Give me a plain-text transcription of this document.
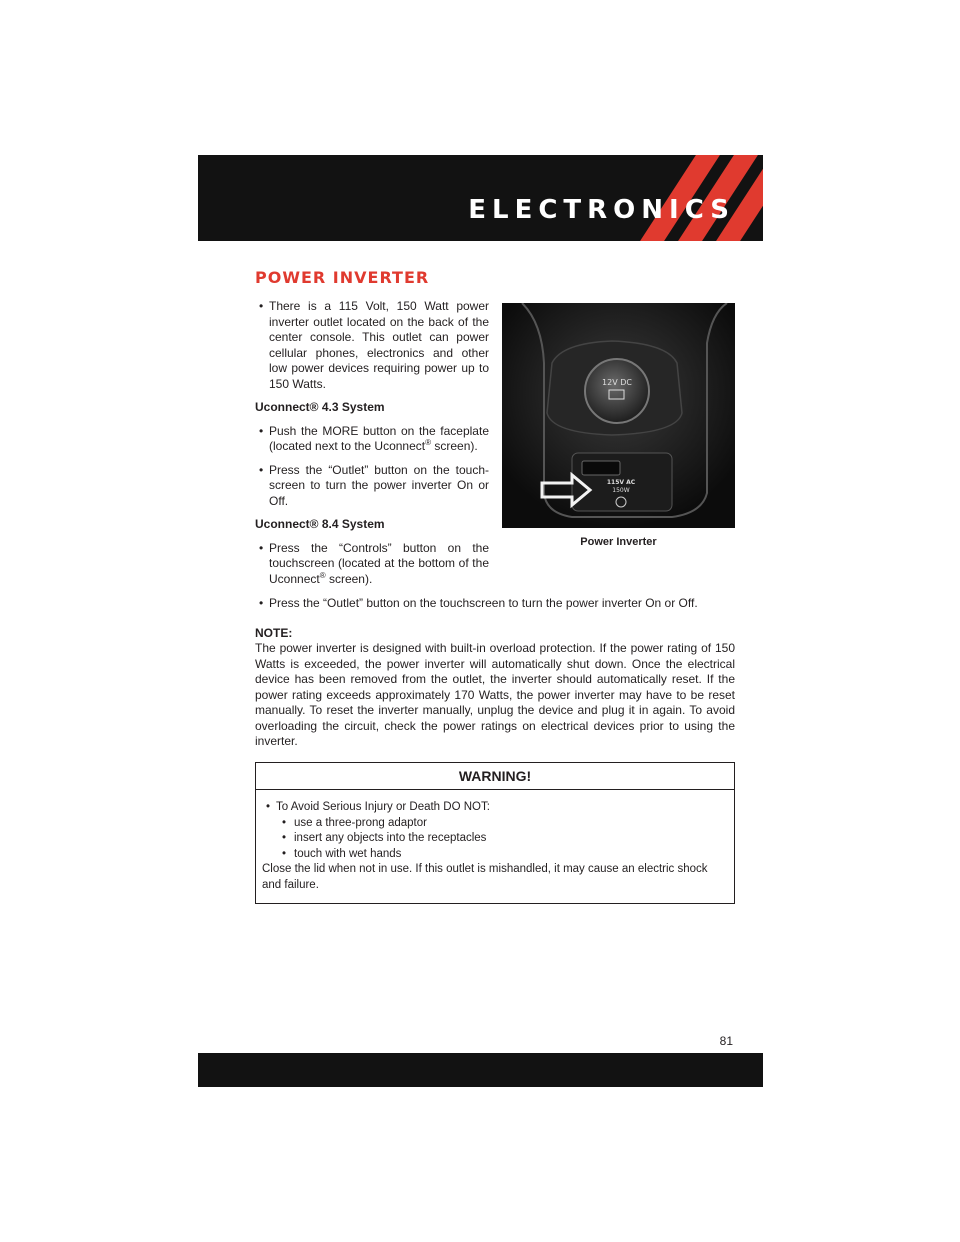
ELECTRONICS
POWER INVERTER

• There is a 115 Volt, 150 Watt power inverter outlet located on the back of the center console. This outlet can power cellular phones, electronics and other low power devices requiring power up to 150 Watts.

Uconnect® 4.3 System

• Push the MORE button on the faceplate (located next to the Uconnect® screen).

• Press the “Outlet” button on the touch-screen to turn the power inverter On or Off.

Uconnect® 8.4 System

• Press the “Controls” button on the touchscreen (located at the bottom of the Uconnect® screen).

12V DC
115V AC
150W
Power Inverter

• Press the “Outlet” button on the touchscreen to turn the power inverter On or Off.

NOTE:

The power inverter is designed with built-in overload protection. If the power rating of 150 Watts is exceeded, the power inverter will automatically shut down. Once the electrical device has been removed from the outlet, the inverter should automatically reset. If the power rating exceeds approximately 170 Watts, the power inverter may have to be reset manually. To reset the inverter manually, unplug the device and plug it in again. To avoid overloading the circuit, check the power ratings on electrical devices prior to using the inverter.

WARNING!

• To Avoid Serious Injury or Death DO NOT:

• use a three-prong adaptor

• insert any objects into the receptacles

• touch with wet hands

Close the lid when not in use. If this outlet is mishandled, it may cause an electric shock and failure.

81
